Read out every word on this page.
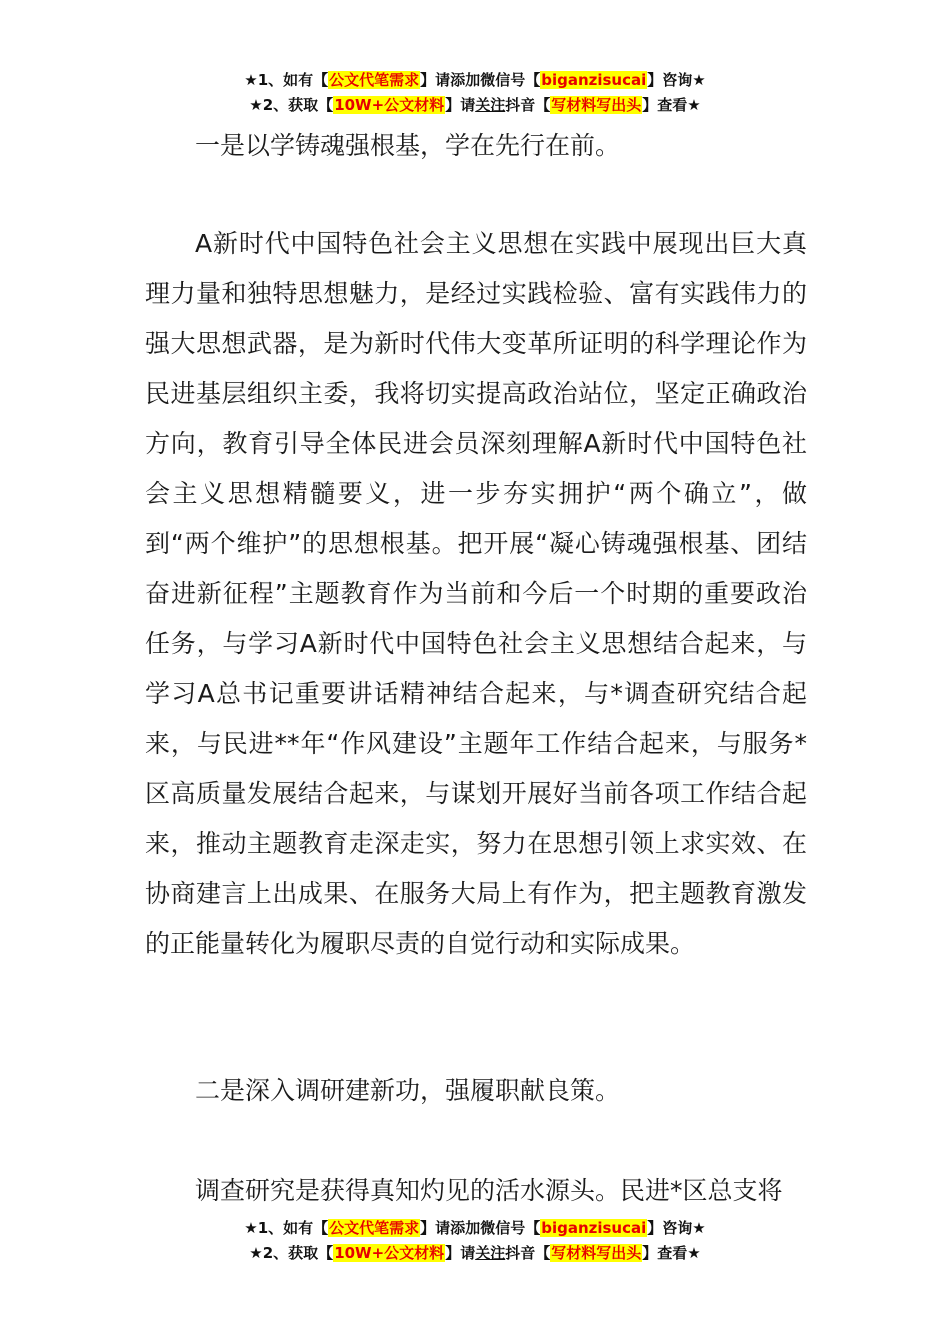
★1、如有【公文代笔需求】请添加微信号【biganzisucai】咨询★
★2、获取【10W+公文材料】请关注抖音【写材料写出头】查看★

一是以学铸魂强根基，学在先行在前。

A新时代中国特色社会主义思想在实践中展现出巨大真理力量和独特思想魅力，是经过实践检验、富有实践伟力的强大思想武器，是为新时代伟大变革所证明的科学理论作为民进基层组织主委，我将切实提高政治站位，坚定正确政治方向，教育引导全体民进会员深刻理解A新时代中国特色社会主义思想精髓要义，进一步夯实拥护“两个确立”，做到“两个维护”的思想根基。把开展“凝心铸魂强根基、团结奋进新征程”主题教育作为当前和今后一个时期的重要政治任务，与学习A新时代中国特色社会主义思想结合起来，与学习A总书记重要讲话精神结合起来，与*调查研究结合起来，与民进**年“作风建设”主题年工作结合起来，与服务*区高质量发展结合起来，与谋划开展好当前各项工作结合起来，推动主题教育走深走实，努力在思想引领上求实效、在协商建言上出成果、在服务大局上有作为，把主题教育激发的正能量转化为履职尽责的自觉行动和实际成果。

二是深入调研建新功，强履职献良策。

调查研究是获得真知灼见的活水源头。民进*区总支将

★1、如有【公文代笔需求】请添加微信号【biganzisucai】咨询★
★2、获取【10W+公文材料】请关注抖音【写材料写出头】查看★
